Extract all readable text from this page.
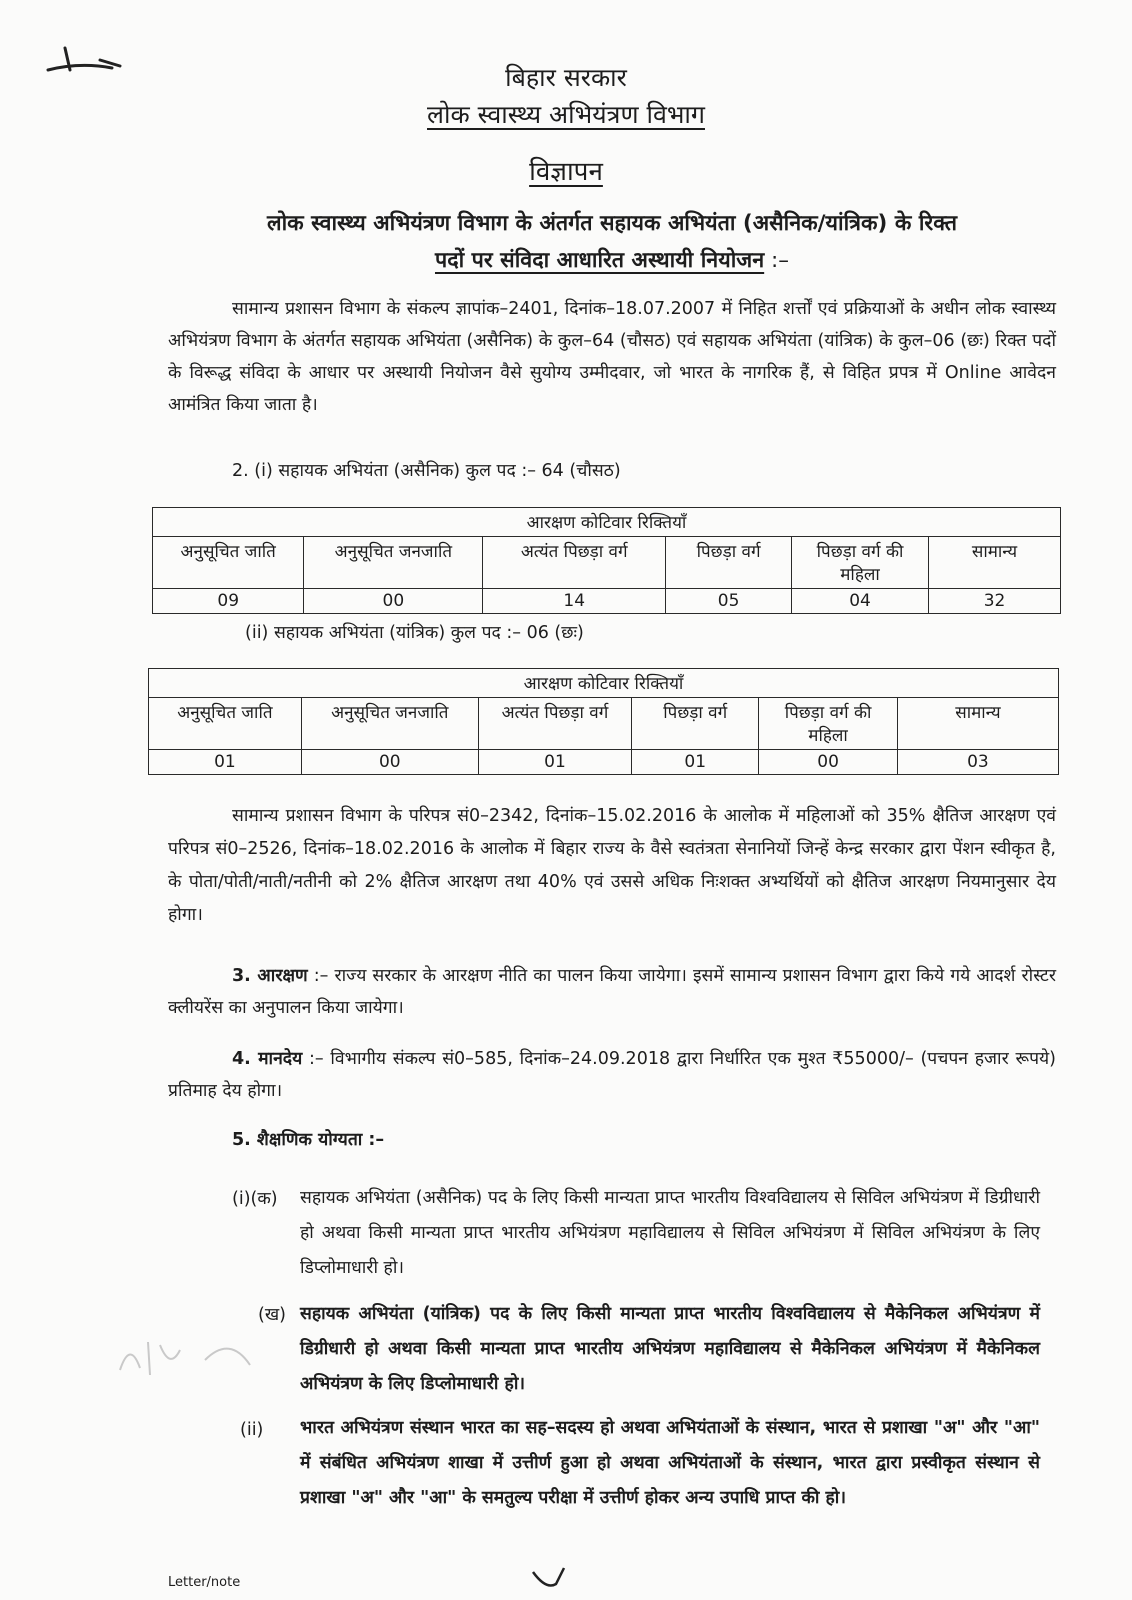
बिहार सरकार
लोक स्वास्थ्य अभियंत्रण विभाग
विज्ञापन
लोक स्वास्थ्य अभियंत्रण विभाग के अंतर्गत सहायक अभियंता (असैनिक/यांत्रिक) के रिक्त
पदों पर संविदा आधारित अस्थायी नियोजन :–
सामान्य प्रशासन विभाग के संकल्प ज्ञापांक–2401, दिनांक–18.07.2007 में निहित शर्त्तों एवं प्रक्रियाओं के अधीन लोक स्वास्थ्य अभियंत्रण विभाग के अंतर्गत सहायक अभियंता (असैनिक) के कुल–64 (चौसठ) एवं सहायक अभियंता (यांत्रिक) के कुल–06 (छः) रिक्त पदों के विरूद्ध संविदा के आधार पर अस्थायी नियोजन वैसे सुयोग्य उम्मीदवार, जो भारत के नागरिक हैं, से विहित प्रपत्र में Online आवेदन आमंत्रित किया जाता है।
2. (i) सहायक अभियंता (असैनिक) कुल पद :– 64 (चौसठ)
आरक्षण कोटिवार रिक्तियाँ					
अनुसूचित जाति	अनुसूचित जनजाति	अत्यंत पिछड़ा वर्ग	पिछड़ा वर्ग	पिछड़ा वर्ग की महिला	सामान्य
09	00	14	05	04	32
(ii) सहायक अभियंता (यांत्रिक) कुल पद :– 06 (छः)
आरक्षण कोटिवार रिक्तियाँ					
अनुसूचित जाति	अनुसूचित जनजाति	अत्यंत पिछड़ा वर्ग	पिछड़ा वर्ग	पिछड़ा वर्ग की महिला	सामान्य
01	00	01	01	00	03
सामान्य प्रशासन विभाग के परिपत्र सं0–2342, दिनांक–15.02.2016 के आलोक में महिलाओं को 35% क्षैतिज आरक्षण एवं परिपत्र सं0–2526, दिनांक–18.02.2016 के आलोक में बिहार राज्य के वैसे स्वतंत्रता सेनानियों जिन्हें केन्द्र सरकार द्वारा पेंशन स्वीकृत है, के पोता/पोती/नाती/नतीनी को 2% क्षैतिज आरक्षण तथा 40% एवं उससे अधिक निःशक्त अभ्यर्थियों को क्षैतिज आरक्षण नियमानुसार देय होगा।
3. आरक्षण :– राज्य सरकार के आरक्षण नीति का पालन किया जायेगा। इसमें सामान्य प्रशासन विभाग द्वारा किये गये आदर्श रोस्टर क्लीयरेंस का अनुपालन किया जायेगा।
4. मानदेय :– विभागीय संकल्प सं0–585, दिनांक–24.09.2018 द्वारा निर्धारित एक मुश्त ₹55000/– (पचपन हजार रूपये) प्रतिमाह देय होगा।
5. शैक्षणिक योग्यता :–
(i)(क) सहायक अभियंता (असैनिक) पद के लिए किसी मान्यता प्राप्त भारतीय विश्वविद्यालय से सिविल अभियंत्रण में डिग्रीधारी हो अथवा किसी मान्यता प्राप्त भारतीय अभियंत्रण महाविद्यालय से सिविल अभियंत्रण में सिविल अभियंत्रण के लिए डिप्लोमाधारी हो।
(ख) सहायक अभियंता (यांत्रिक) पद के लिए किसी मान्यता प्राप्त भारतीय विश्वविद्यालय से मैकेनिकल अभियंत्रण में डिग्रीधारी हो अथवा किसी मान्यता प्राप्त भारतीय अभियंत्रण महाविद्यालय से मैकेनिकल अभियंत्रण में मैकेनिकल अभियंत्रण के लिए डिप्लोमाधारी हो।
(ii) भारत अभियंत्रण संस्थान भारत का सह–सदस्य हो अथवा अभियंताओं के संस्थान, भारत से प्रशाखा "अ" और "आ" में संबंधित अभियंत्रण शाखा में उत्तीर्ण हुआ हो अथवा अभियंताओं के संस्थान, भारत द्वारा प्रस्वीकृत संस्थान से प्रशाखा "अ" और "आ" के समतुल्य परीक्षा में उत्तीर्ण होकर अन्य उपाधि प्राप्त की हो।
Letter/note
